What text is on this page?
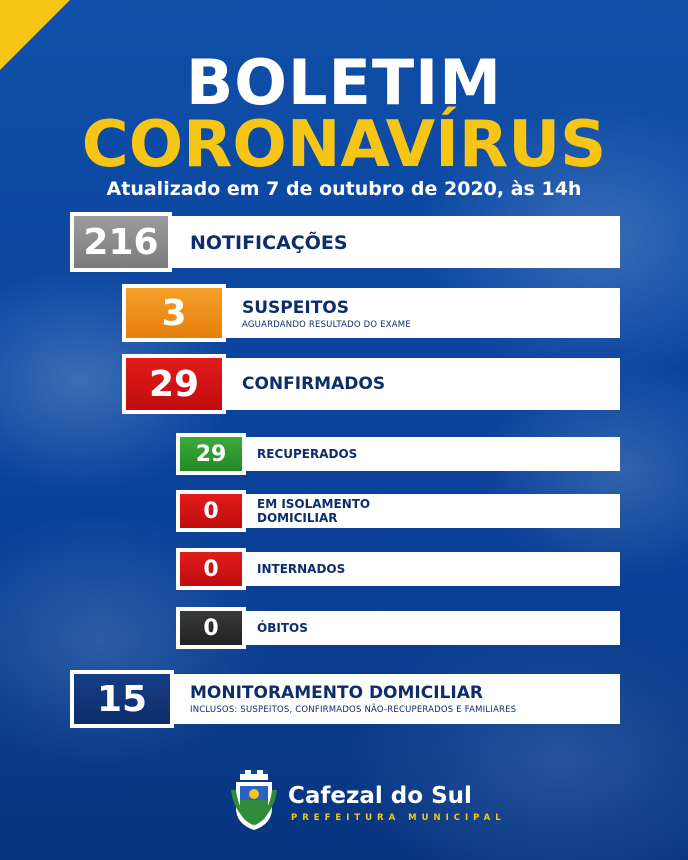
BOLETIM
CORONAVÍRUS
Atualizado em 7 de outubro de 2020, às 14h
216	NOTIFICAÇÕES
3	SUSPEITOS
AGUARDANDO RESULTADO DO EXAME
29	CONFIRMADOS
29	RECUPERADOS
0	EM ISOLAMENTO
DOMICILIAR
0	INTERNADOS
0	ÓBITOS
15	MONITORAMENTO DOMICILIAR
INCLUSOS: SUSPEITOS, CONFIRMADOS NÃO-RECUPERADOS E FAMILIARES
Cafezal do Sul
PREFEITURA MUNICIPAL
